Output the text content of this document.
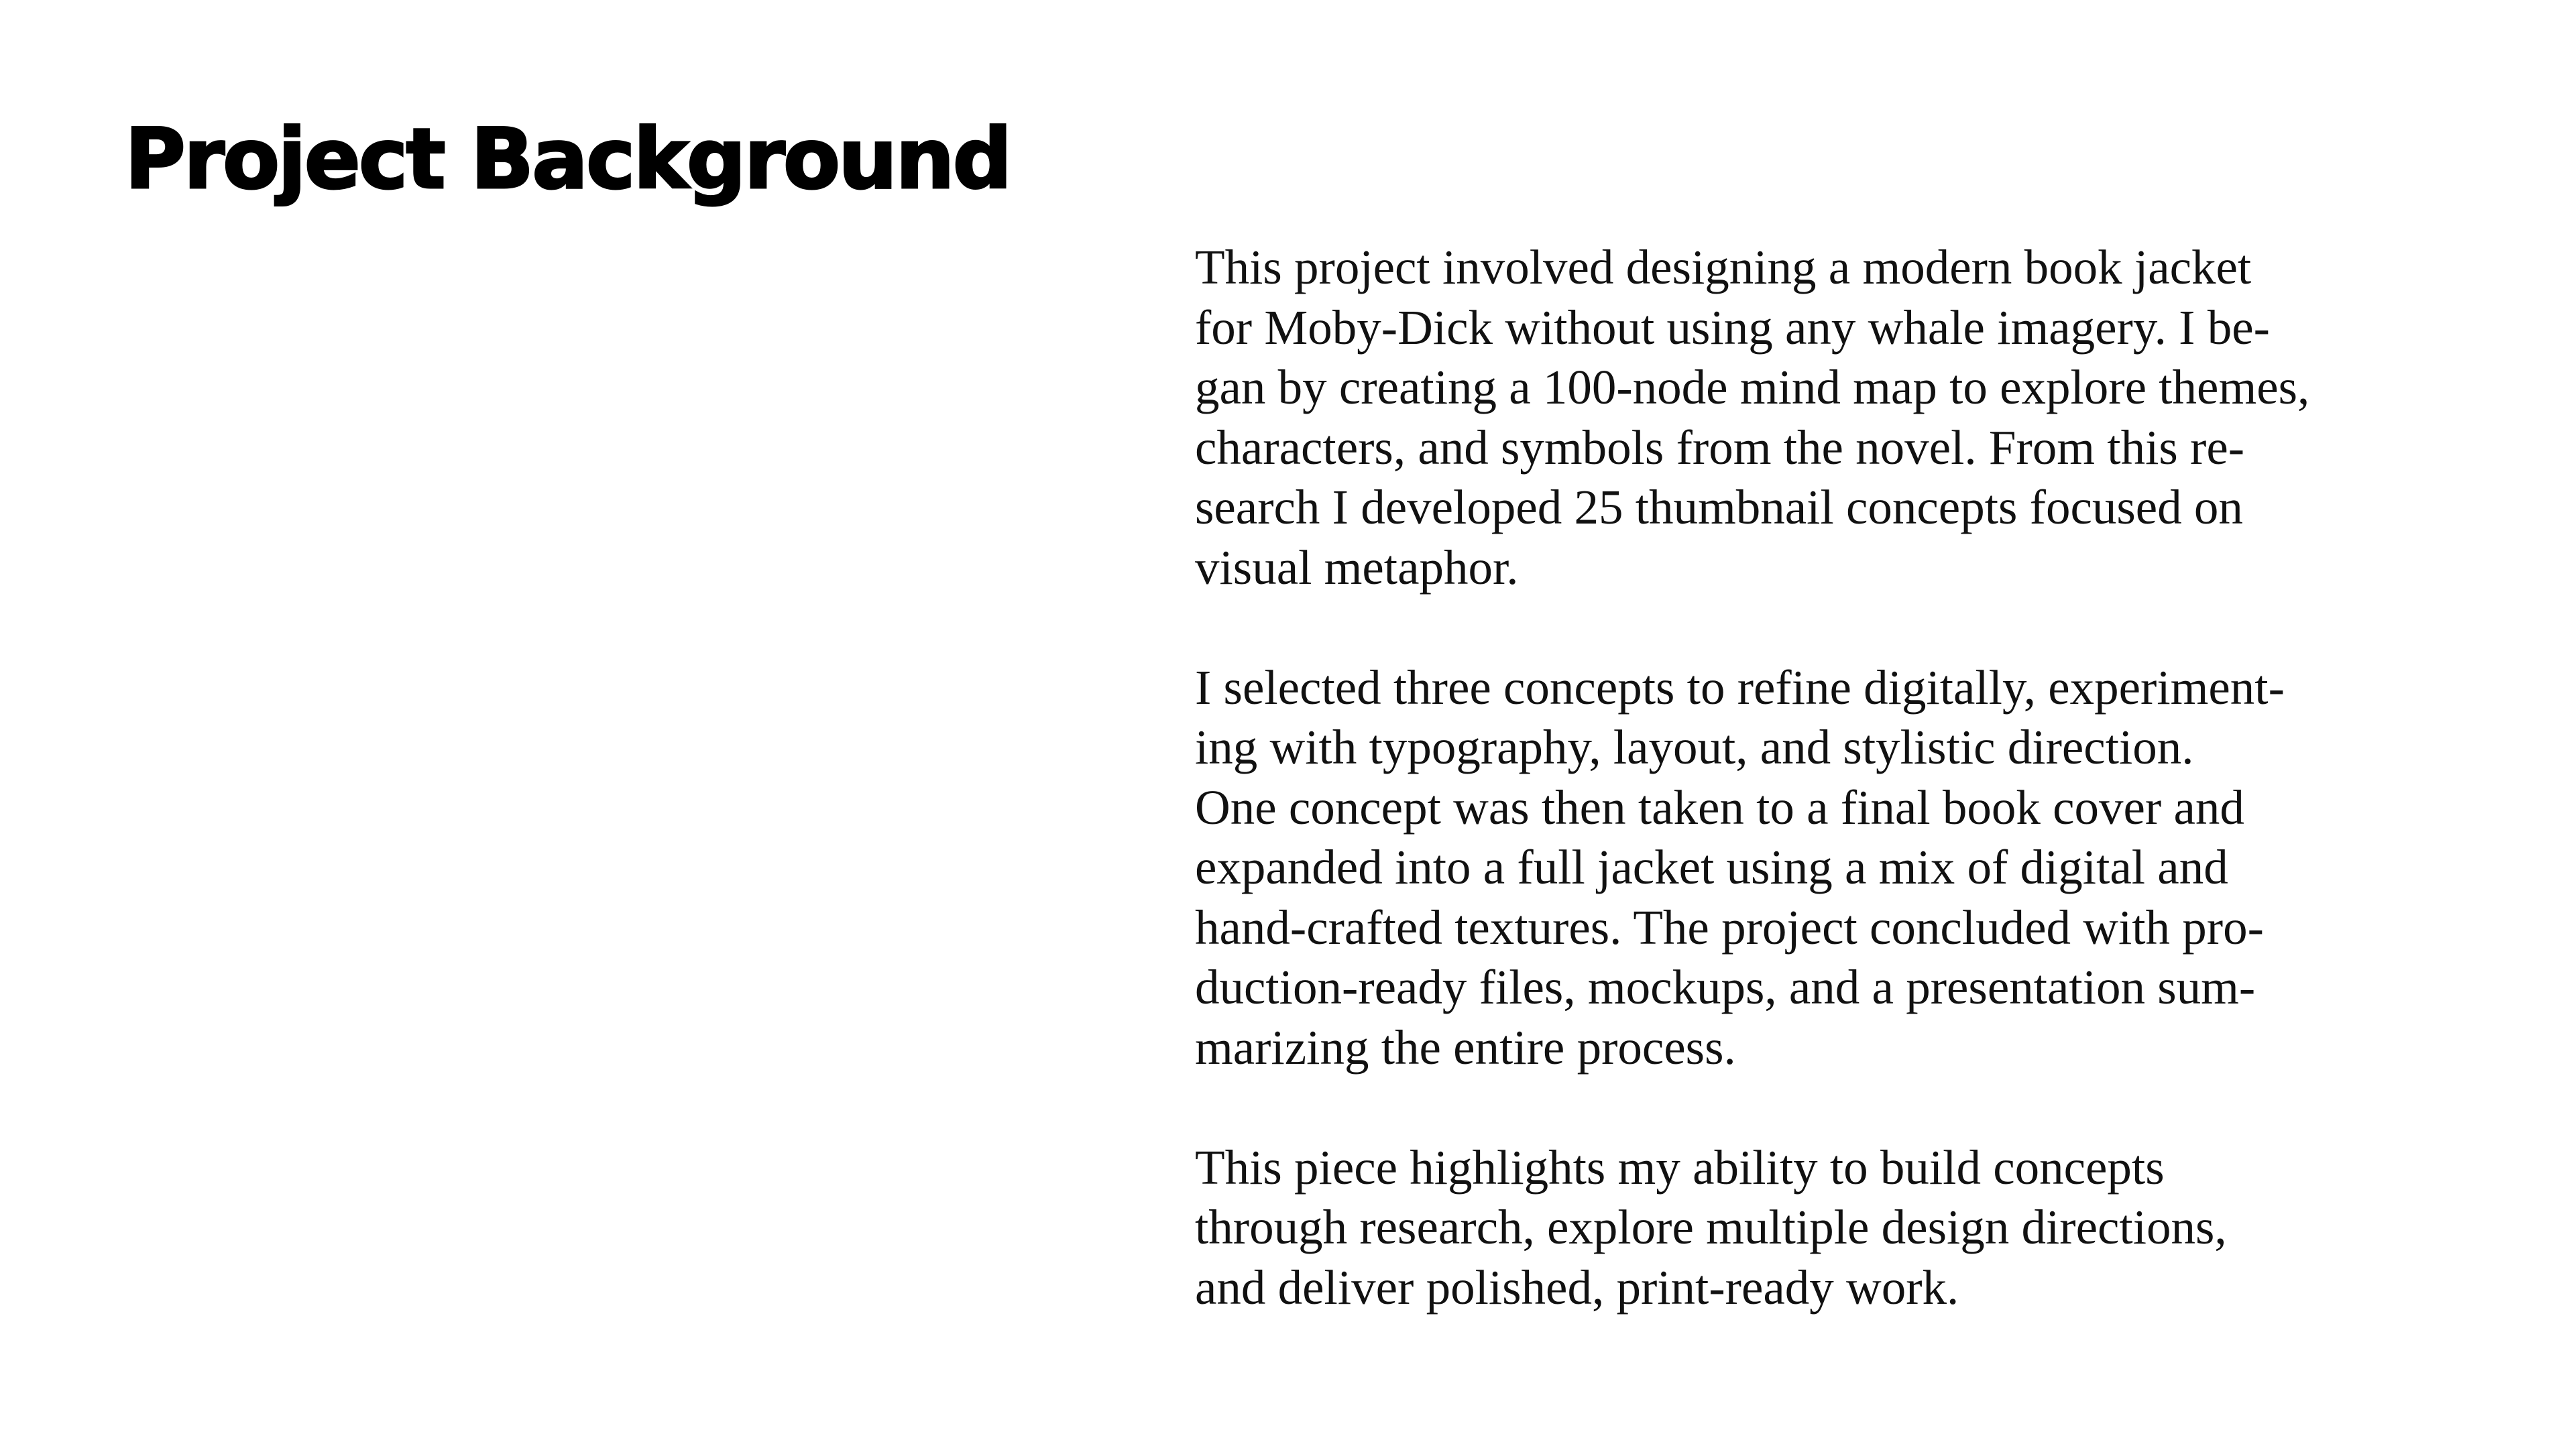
Project Background

This project involved designing a modern book jacket
for Moby-Dick without using any whale imagery. I be-
gan by creating a 100-node mind map to explore themes,
characters, and symbols from the novel. From this re-
search I developed 25 thumbnail concepts focused on
visual metaphor.

I selected three concepts to refine digitally, experiment-
ing with typography, layout, and stylistic direction.
One concept was then taken to a final book cover and
expanded into a full jacket using a mix of digital and
hand-crafted textures. The project concluded with pro-
duction-ready files, mockups, and a presentation sum-
marizing the entire process.

This piece highlights my ability to build concepts
through research, explore multiple design directions,
and deliver polished, print-ready work.
